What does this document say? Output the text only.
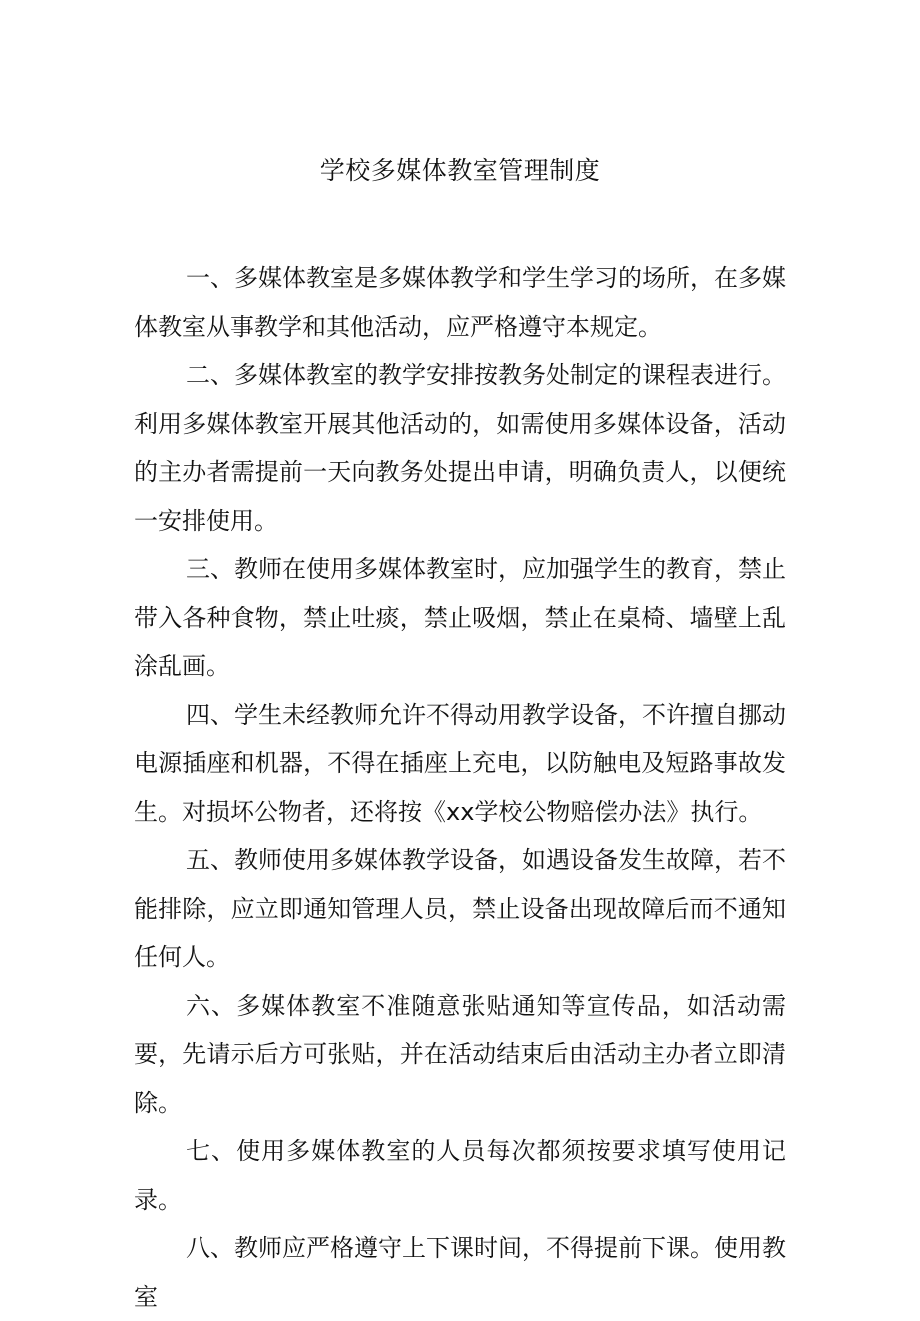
学校多媒体教室管理制度

一、多媒体教室是多媒体教学和学生学习的场所，在多媒体教室从事教学和其他活动，应严格遵守本规定。

二、多媒体教室的教学安排按教务处制定的课程表进行。利用多媒体教室开展其他活动的，如需使用多媒体设备，活动的主办者需提前一天向教务处提出申请，明确负责人，以便统一安排使用。

三、教师在使用多媒体教室时，应加强学生的教育，禁止带入各种食物，禁止吐痰，禁止吸烟，禁止在桌椅、墙壁上乱涂乱画。

四、学生未经教师允许不得动用教学设备，不许擅自挪动电源插座和机器，不得在插座上充电，以防触电及短路事故发生。对损坏公物者，还将按《xx学校公物赔偿办法》执行。

五、教师使用多媒体教学设备，如遇设备发生故障，若不能排除，应立即通知管理人员，禁止设备出现故障后而不通知任何人。

六、多媒体教室不准随意张贴通知等宣传品，如活动需要，先请示后方可张贴，并在活动结束后由活动主办者立即清除。

七、使用多媒体教室的人员每次都须按要求填写使用记录。

八、教师应严格遵守上下课时间，不得提前下课。使用教室
